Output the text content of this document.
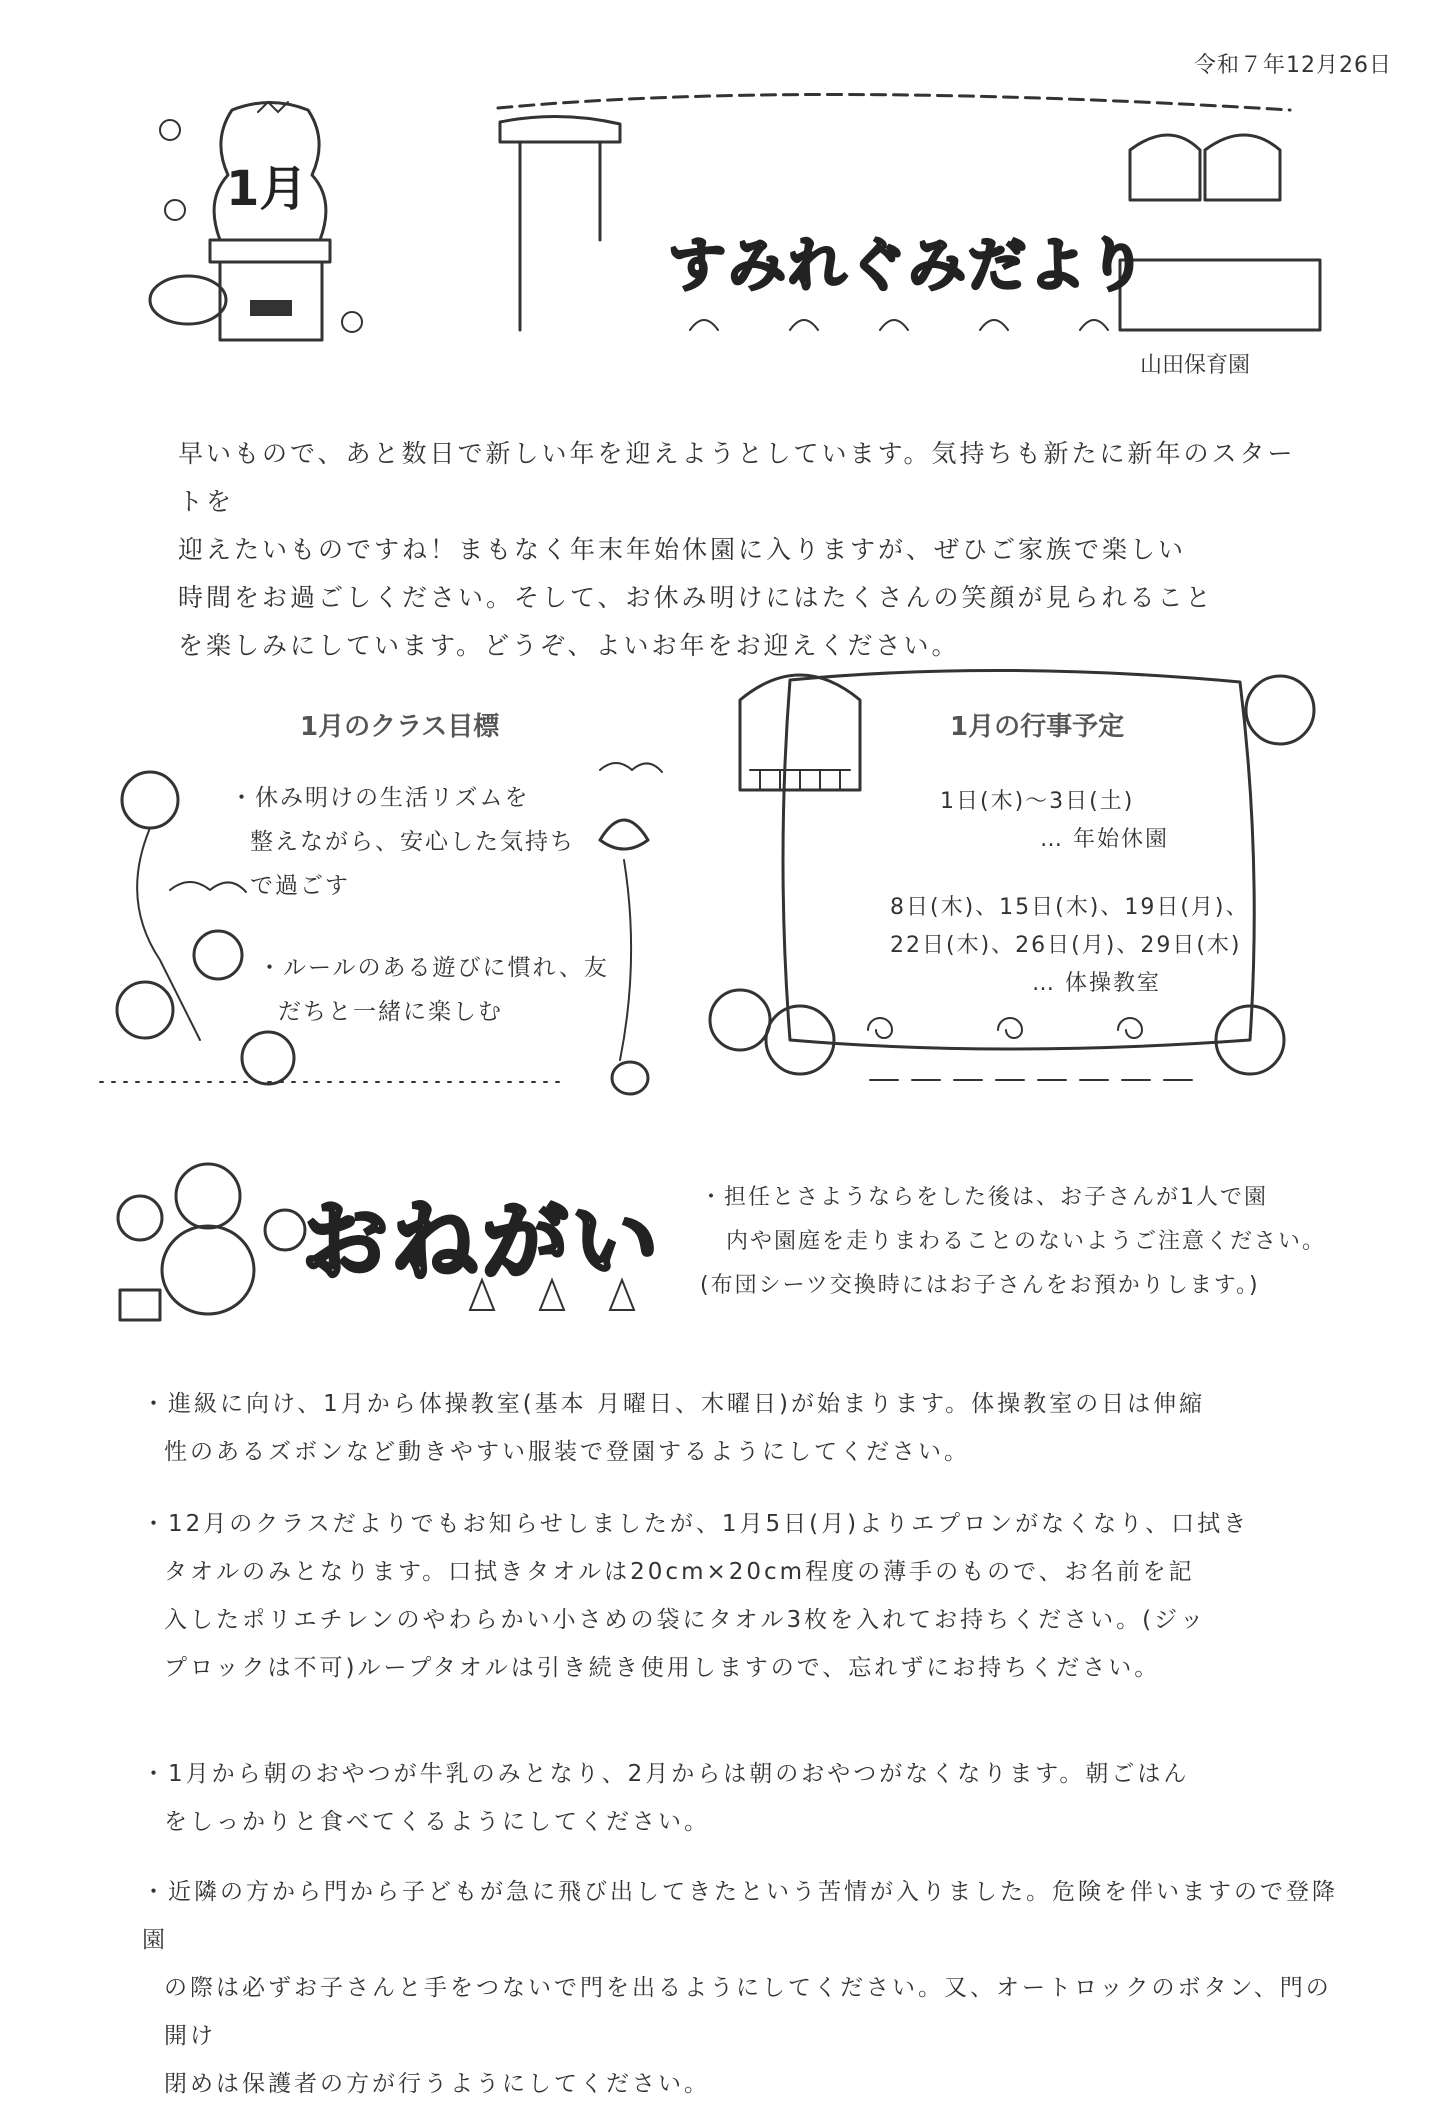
令和７年12月26日
1月
すみれぐみだより
山田保育園
早いもので、あと数日で新しい年を迎えようとしています。気持ちも新たに新年のスタートを
迎えたいものですね！まもなく年末年始休園に入りますが、ぜひご家族で楽しい
時間をお過ごしください。そして、お休み明けにはたくさんの笑顔が見られること
を楽しみにしています。どうぞ、よいお年をお迎えください。
1月のクラス目標
・休み明けの生活リズムを
整えながら、安心した気持ち
で過ごす
・ルールのある遊びに慣れ、友
だちと一緒に楽しむ
1月の行事予定
1日(木)～3日(土)
… 年始休園
8日(木)、15日(木)、19日(月)、
22日(木)、26日(月)、29日(木)
… 体操教室
おねがい ・担任とさようならをした後は、お子さんが1人で園
内や園庭を走りまわることのないようご注意ください。
(布団シーツ交換時にはお子さんをお預かりします。)
・進級に向け、1月から体操教室(基本 月曜日、木曜日)が始まります。体操教室の日は伸縮
性のあるズボンなど動きやすい服装で登園するようにしてください。
・12月のクラスだよりでもお知らせしましたが、1月5日(月)よりエプロンがなくなり、口拭き
タオルのみとなります。口拭きタオルは20cm×20cm程度の薄手のもので、お名前を記
入したポリエチレンのやわらかい小さめの袋にタオル3枚を入れてお持ちください。(ジッ
プロックは不可)ループタオルは引き続き使用しますので、忘れずにお持ちください。
・1月から朝のおやつが牛乳のみとなり、2月からは朝のおやつがなくなります。朝ごはん
をしっかりと食べてくるようにしてください。
・近隣の方から門から子どもが急に飛び出してきたという苦情が入りました。危険を伴いますので登降園
の際は必ずお子さんと手をつないで門を出るようにしてください。又、オートロックのボタン、門の開け
閉めは保護者の方が行うようにしてください。
